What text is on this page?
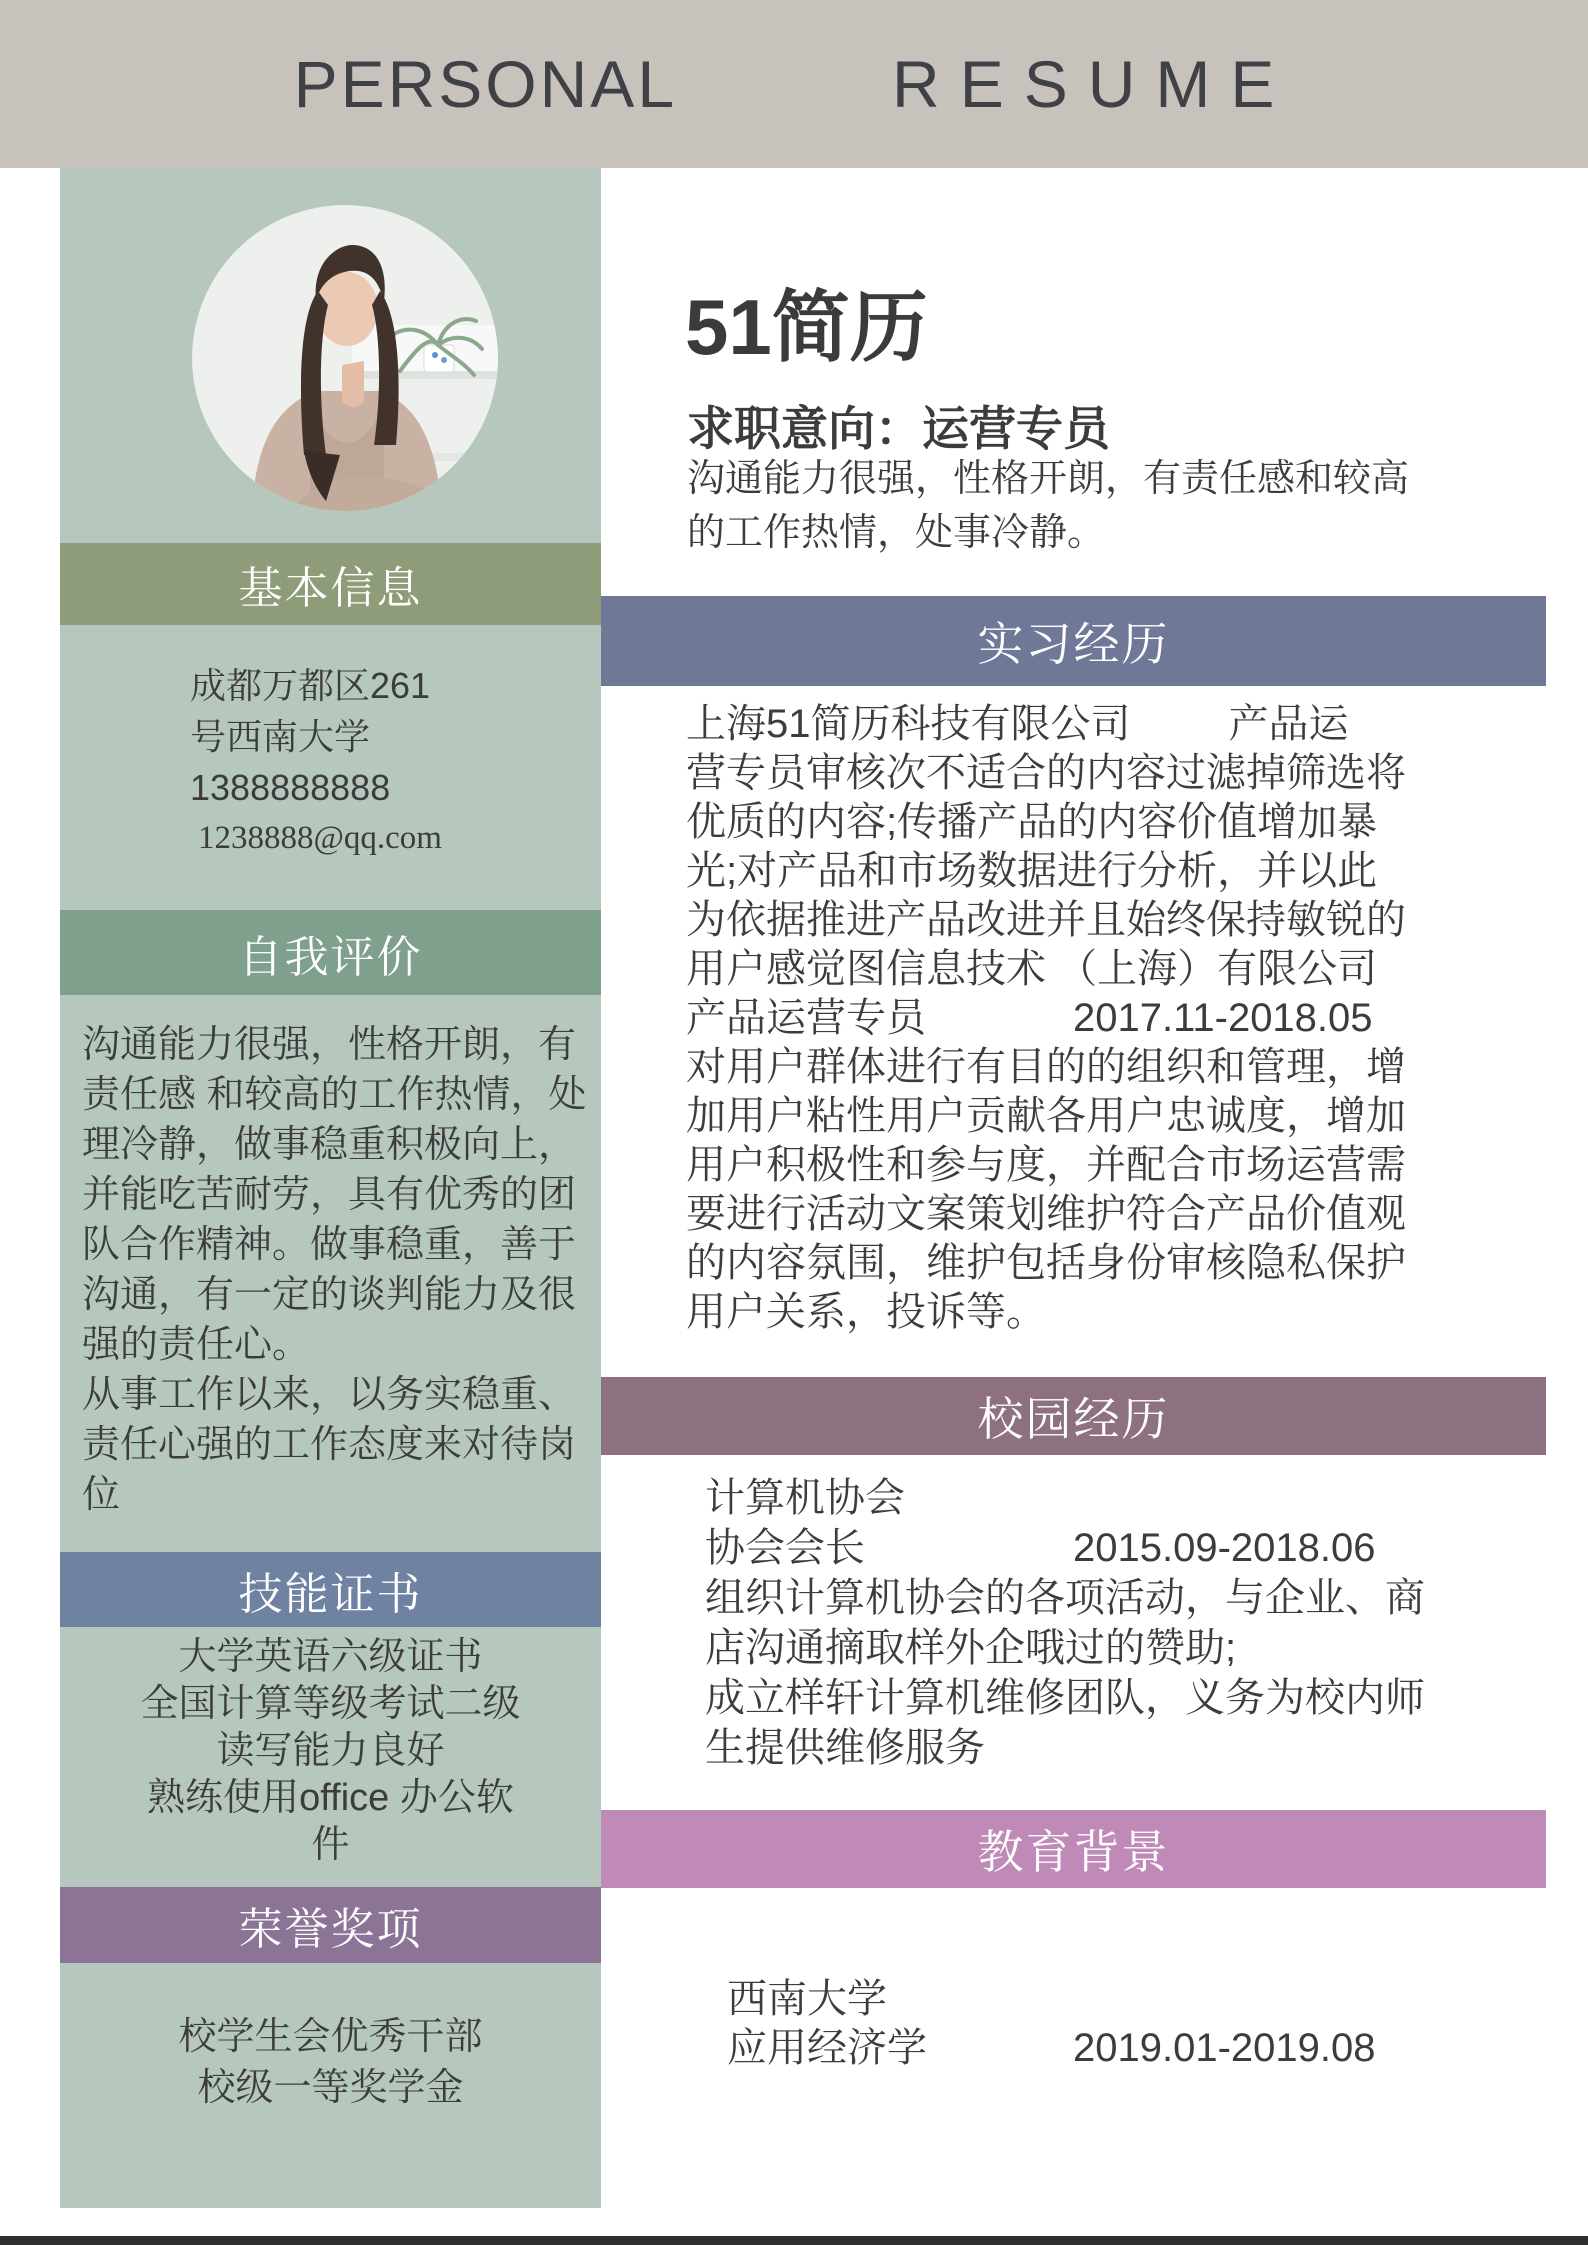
PERSONAL	RESUME
基本信息
成都万都区261
号西南大学
1388888888
1238888@qq.com
自我评价
沟通能力很强，性格开朗，有
责任感 和较高的工作热情，处
理冷静，做事稳重积极向上，
并能吃苦耐劳，具有优秀的团
队合作精神。做事稳重，善于
沟通，有一定的谈判能力及很
强的责任心。
从事工作以来，以务实稳重、
责任心强的工作态度来对待岗
位
技能证书
大学英语六级证书
全国计算等级考试二级
读写能力良好
熟练使用office 办公软
件
荣誉奖项
校学生会优秀干部
校级一等奖学金
51简历
求职意向：运营专员
沟通能力很强，性格开朗，有责任感和较高
的工作热情，处事冷静。
实习经历
上海51简历科技有限公司 产品运
营专员审核次不适合的内容过滤掉筛选将
优质的内容;传播产品的内容价值增加暴
光;对产品和市场数据进行分析，并以此
为依据推进产品改进并且始终保持敏锐的
用户感觉图信息技术 （上海）有限公司
产品运营专员	2017.11-2018.05
对用户群体进行有目的的组织和管理，增
加用户粘性用户贡献各用户忠诚度，增加
用户积极性和参与度，并配合市场运营需
要进行活动文案策划维护符合产品价值观
的内容氛围，维护包括身份审核隐私保护
用户关系，投诉等。
校园经历
计算机协会
协会会长	2015.09-2018.06
组织计算机协会的各项活动，与企业、商
店沟通摘取样外企哦过的赞助;
成立样轩计算机维修团队，义务为校内师
生提供维修服务
教育背景
西南大学
应用经济学	2019.01-2019.08
